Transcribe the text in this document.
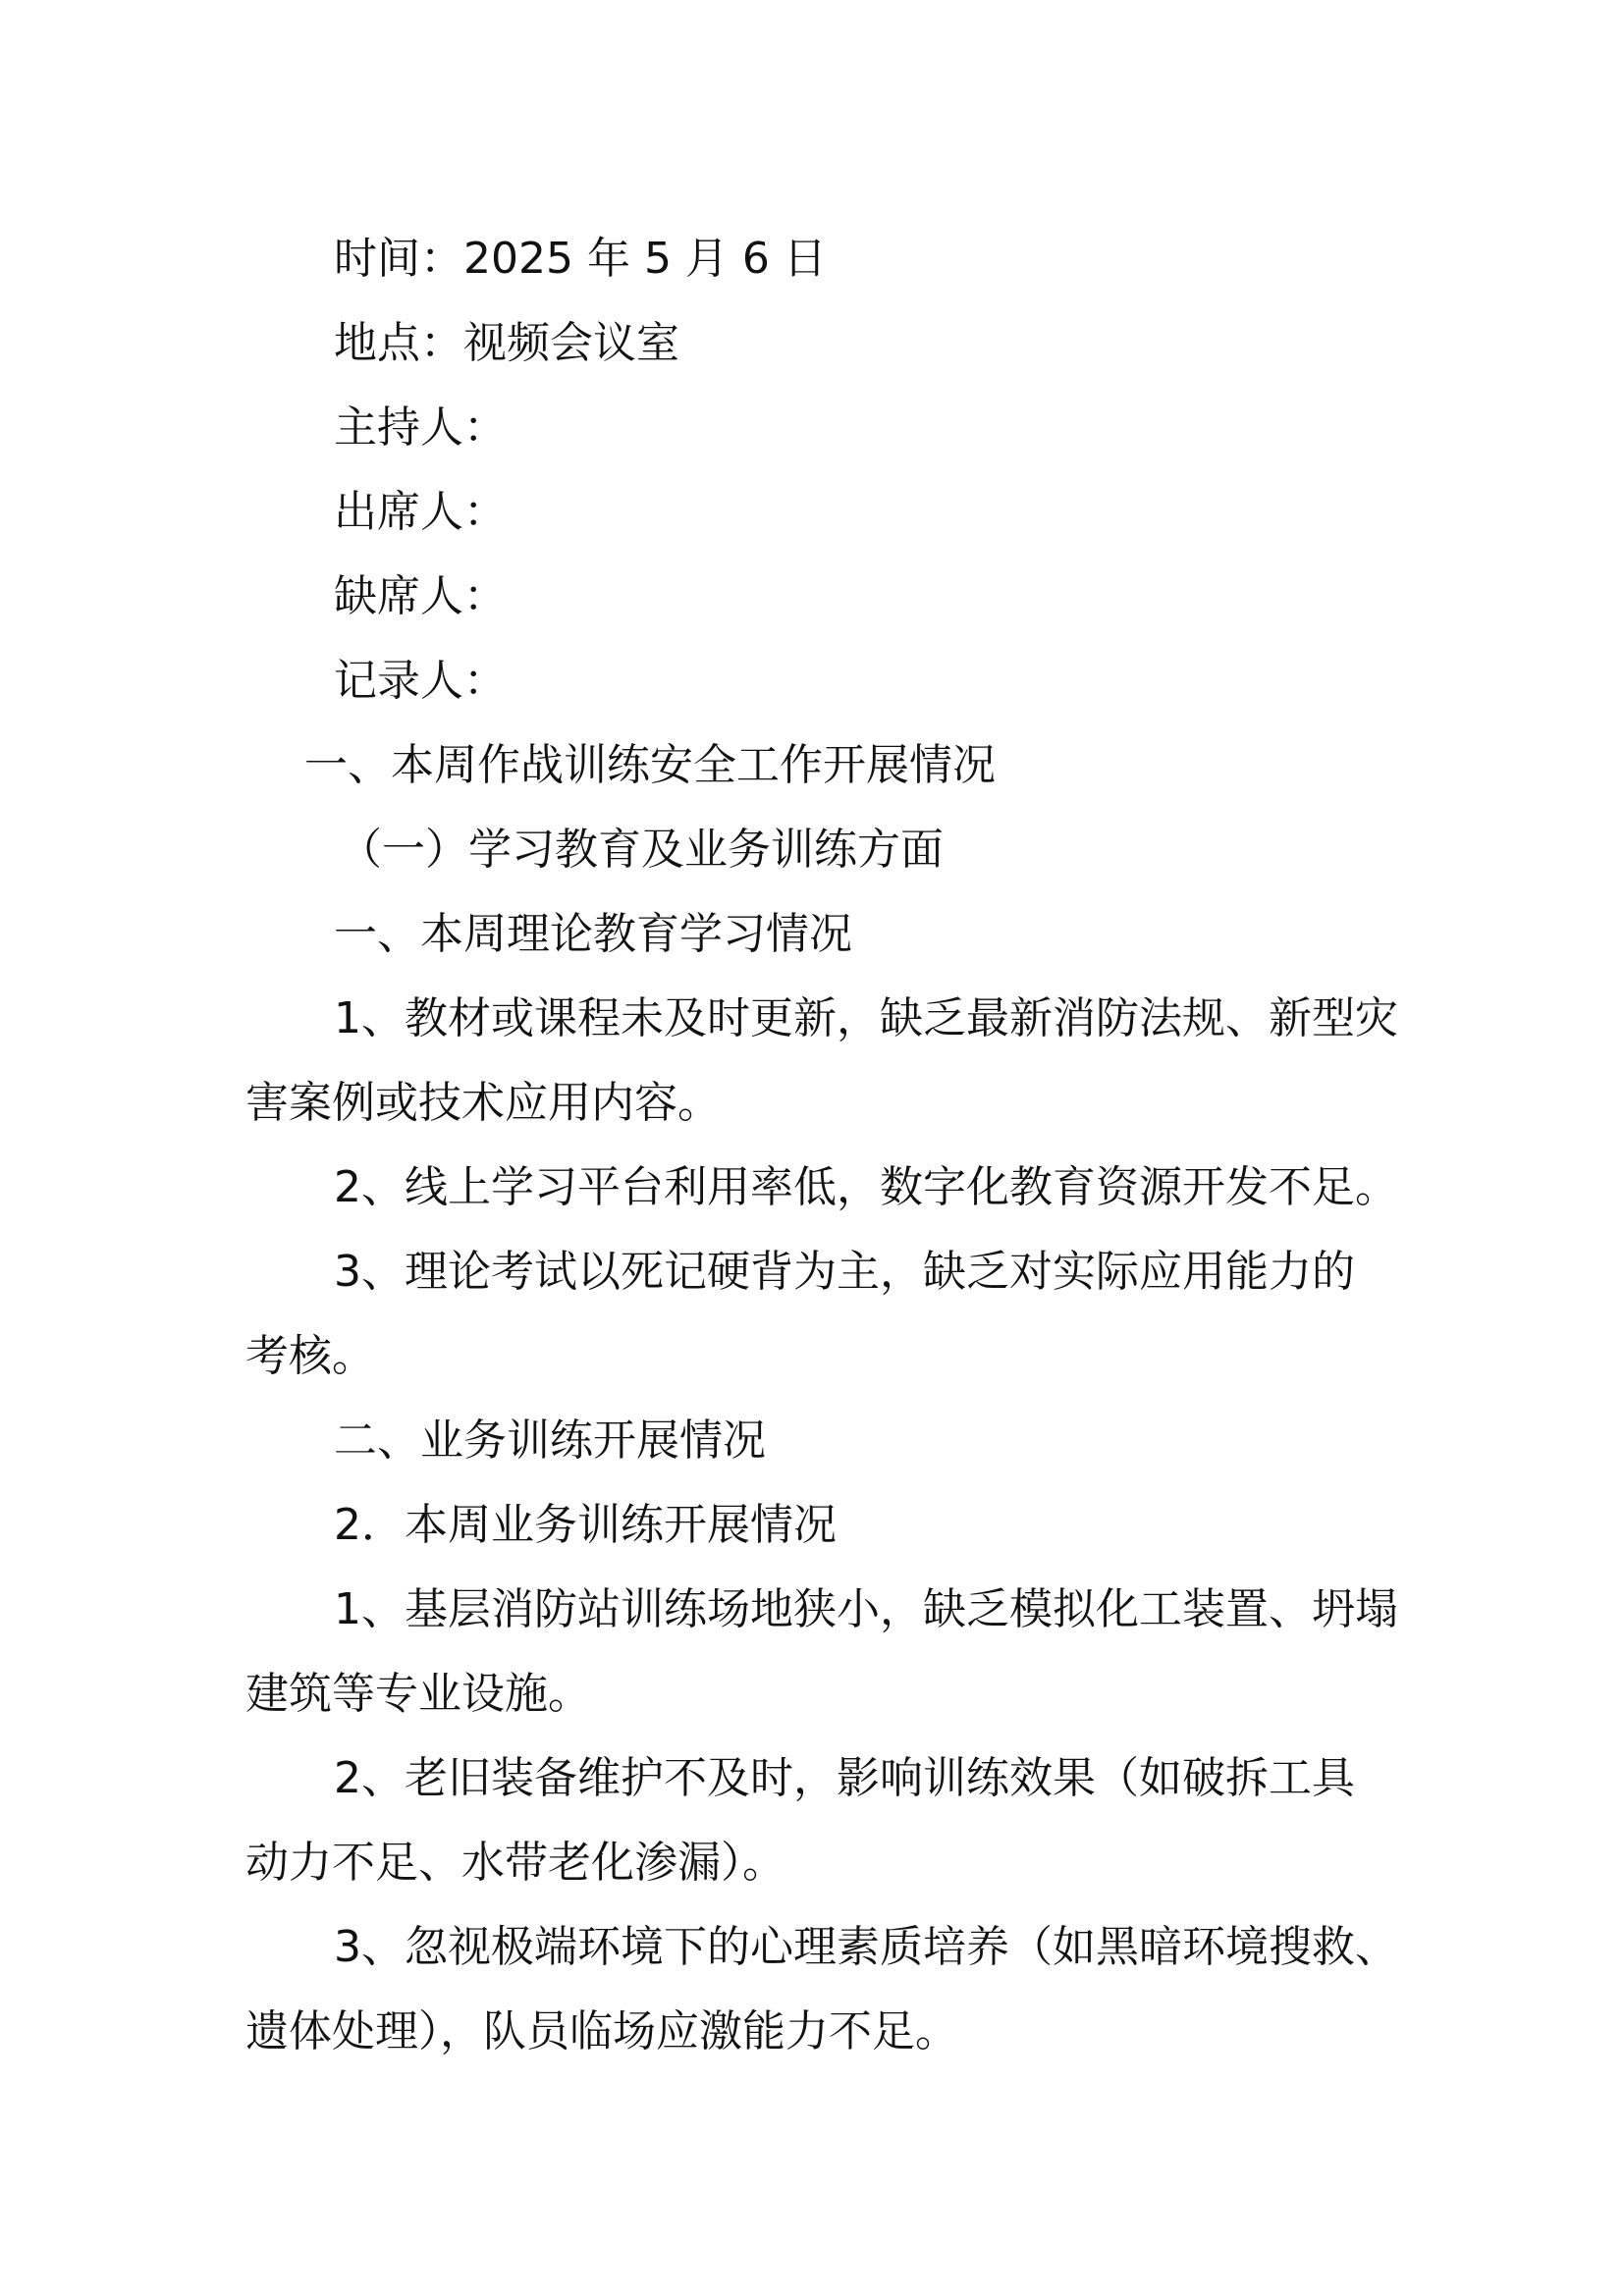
时间：2025 年 5 月 6 日
地点：视频会议室
主持人：
出席人：
缺席人：
记录人：
一、本周作战训练安全工作开展情况
（一）学习教育及业务训练方面
一、本周理论教育学习情况
1、教材或课程未及时更新，缺乏最新消防法规、新型灾
害案例或技术应用内容。
2、线上学习平台利用率低，数字化教育资源开发不足。
3、理论考试以死记硬背为主，缺乏对实际应用能力的
考核。
二、业务训练开展情况
2．本周业务训练开展情况
1、基层消防站训练场地狭小，缺乏模拟化工装置、坍塌
建筑等专业设施。
2、老旧装备维护不及时，影响训练效果（如破拆工具
动力不足、水带老化渗漏）。
3、忽视极端环境下的心理素质培养（如黑暗环境搜救、
遗体处理），队员临场应激能力不足。
